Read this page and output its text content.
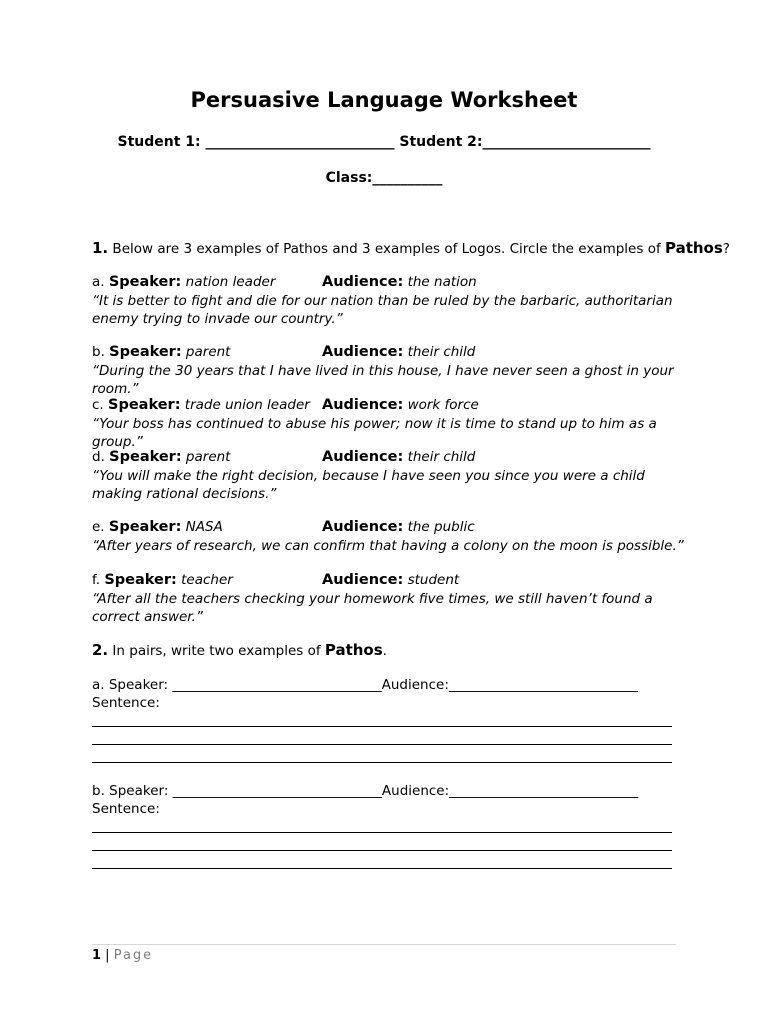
Persuasive Language Worksheet
Student 1: ___________________________ Student 2:________________________
Class:__________
1. Below are 3 examples of Pathos and 3 examples of Logos. Circle the examples of Pathos?
a. Speaker: nation leader	Audience: the nation
“It is better to fight and die for our nation than be ruled by the barbaric, authoritarian enemy trying to invade our country.”
b. Speaker: parent	Audience: their child
“During the 30 years that I have lived in this house, I have never seen a ghost in your room.”
c. Speaker: trade union leader Audience: work force
“Your boss has continued to abuse his power; now it is time to stand up to him as a group.”
d. Speaker: parent	Audience: their child
“You will make the right decision, because I have seen you since you were a child making rational decisions.”
e. Speaker: NASA	Audience: the public
“After years of research, we can confirm that having a colony on the moon is possible.”
f. Speaker: teacher	Audience: student
“After all the teachers checking your homework five times, we still haven’t found a correct answer.”
2. In pairs, write two examples of Pathos.
a. Speaker: _______________________________Audience:____________________________
Sentence:
b. Speaker: _______________________________Audience:____________________________
Sentence:
1 | Page
